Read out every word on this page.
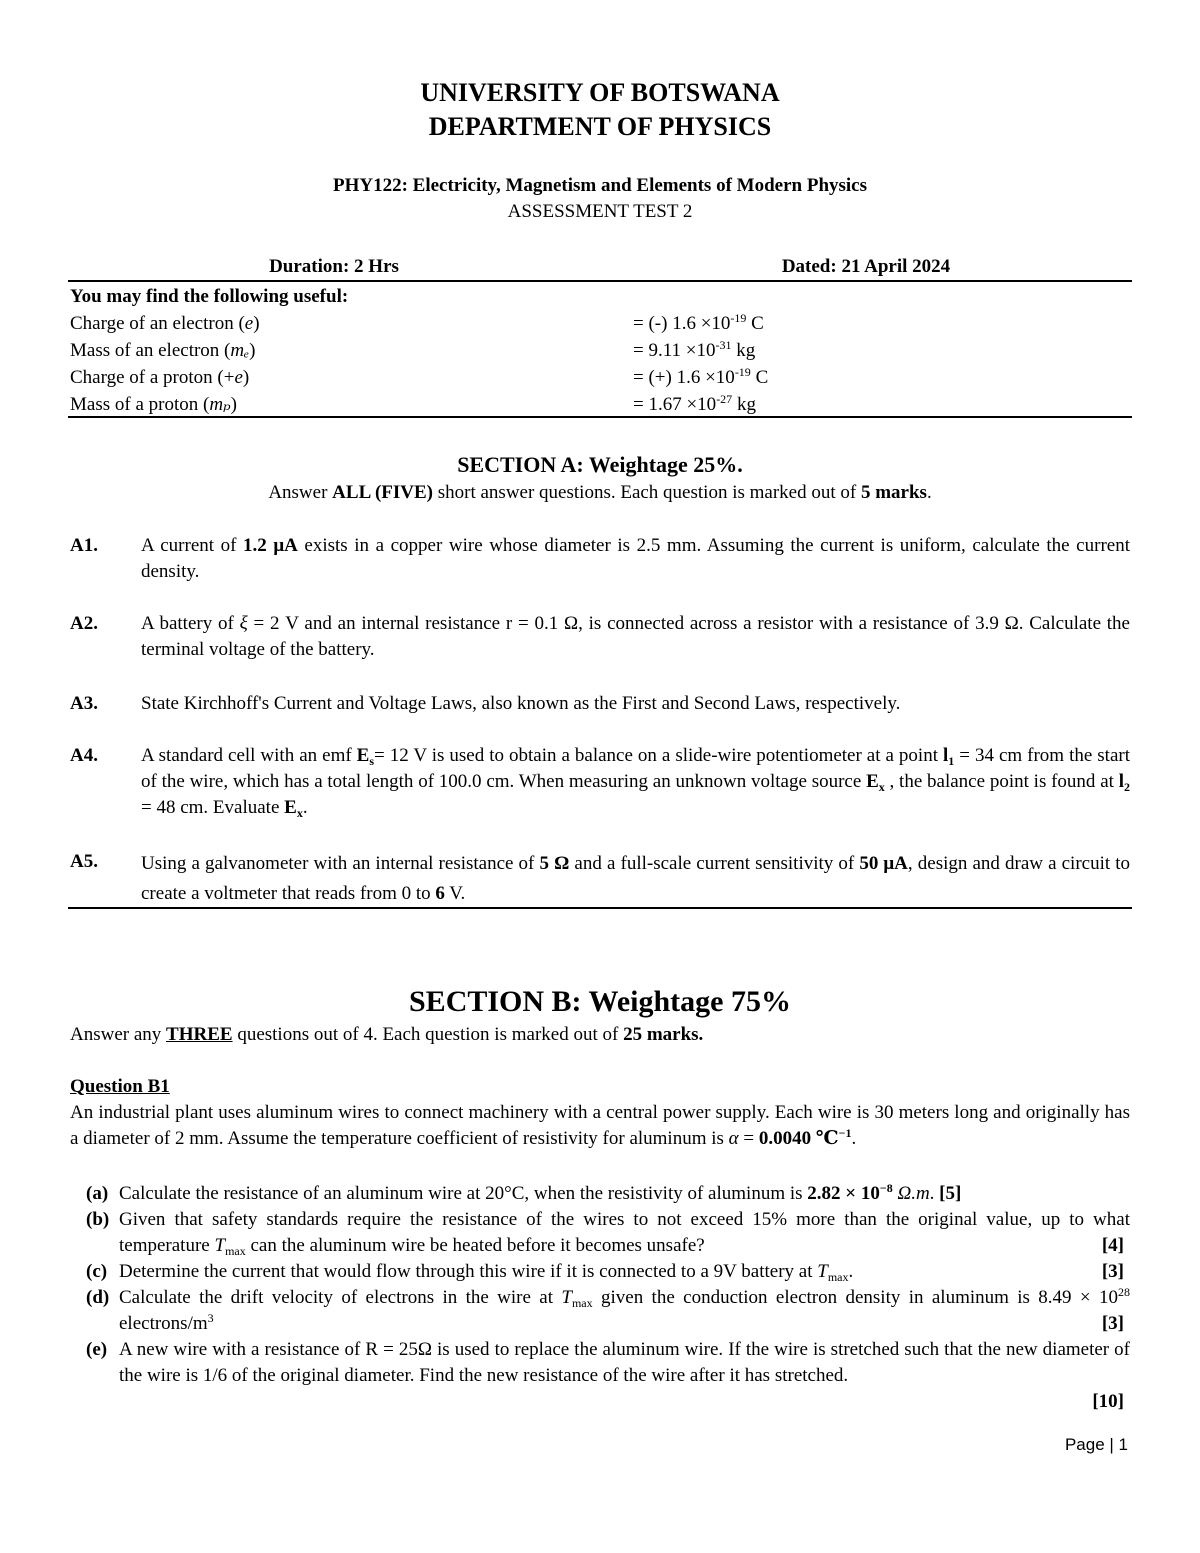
UNIVERSITY OF BOTSWANA
DEPARTMENT OF PHYSICS
PHY122: Electricity, Magnetism and Elements of Modern Physics
ASSESSMENT TEST 2
Duration: 2 Hrs	Dated: 21 April 2024
You may find the following useful:
Charge of an electron (e)	= (-) $1.6 \times 10^{-19}$ C
Mass of an electron (mₑ)	= $9.11 \times 10^{-31}$ kg
Charge of a proton (+e)	= (+) $1.6 \times 10^{-19}$ C
Mass of a proton (mₚ)	= $1.67 \times 10^{-27}$ kg
SECTION A: Weightage 25%.
Answer ALL (FIVE) short answer questions. Each question is marked out of 5 marks.
A1. A current of 1.2 μA exists in a copper wire whose diameter is 2.5 mm. Assuming the current is uniform, calculate the current density.
A2. A battery of ξ = 2 V and an internal resistance r = 0.1 Ω, is connected across a resistor with a resistance of 3.9 Ω. Calculate the terminal voltage of the battery.
A3. State Kirchhoff's Current and Voltage Laws, also known as the First and Second Laws, respectively.
A4. A standard cell with an emf $E_s= 12$ V is used to obtain a balance on a slide-wire potentiometer at a point $l_1 = 34$ cm from the start of the wire, which has a total length of 100.0 cm. When measuring an unknown voltage source $E_x$ , the balance point is found at $l_2 = 48$ cm. Evaluate $E_x$.
A5. Using a galvanometer with an internal resistance of 5 Ω and a full-scale current sensitivity of 50 μA, design and draw a circuit to create a voltmeter that reads from 0 to 6 V.
SECTION B: Weightage 75%
Answer any THREE questions out of 4. Each question is marked out of 25 marks.
Question B1
An industrial plant uses aluminum wires to connect machinery with a central power supply. Each wire is 30 meters long and originally has a diameter of 2 mm. Assume the temperature coefficient of resistivity for aluminum is α = 0.0040 ℃$^{-1}$.
(a) Calculate the resistance of an aluminum wire at 20°C, when the resistivity of aluminum is $2.82 \times 10^{-8}$ Ω.m. [5]
(b) Given that safety standards require the resistance of the wires to not exceed 15% more than the original value, up to what temperature $T_{max}$ can the aluminum wire be heated before it becomes unsafe?	[4]
(c) Determine the current that would flow through this wire if it is connected to a 9V battery at $T_{max}$.	[3]
(d) Calculate the drift velocity of electrons in the wire at $T_{max}$ given the conduction electron density in aluminum is $8.49 \times 10^{28}$ electrons/$m^3$	[3]
(e) A new wire with a resistance of R = 25Ω is used to replace the aluminum wire. If the wire is stretched such that the new diameter of the wire is 1/6 of the original diameter. Find the new resistance of the wire after it has stretched.
[10]
Page | 1
